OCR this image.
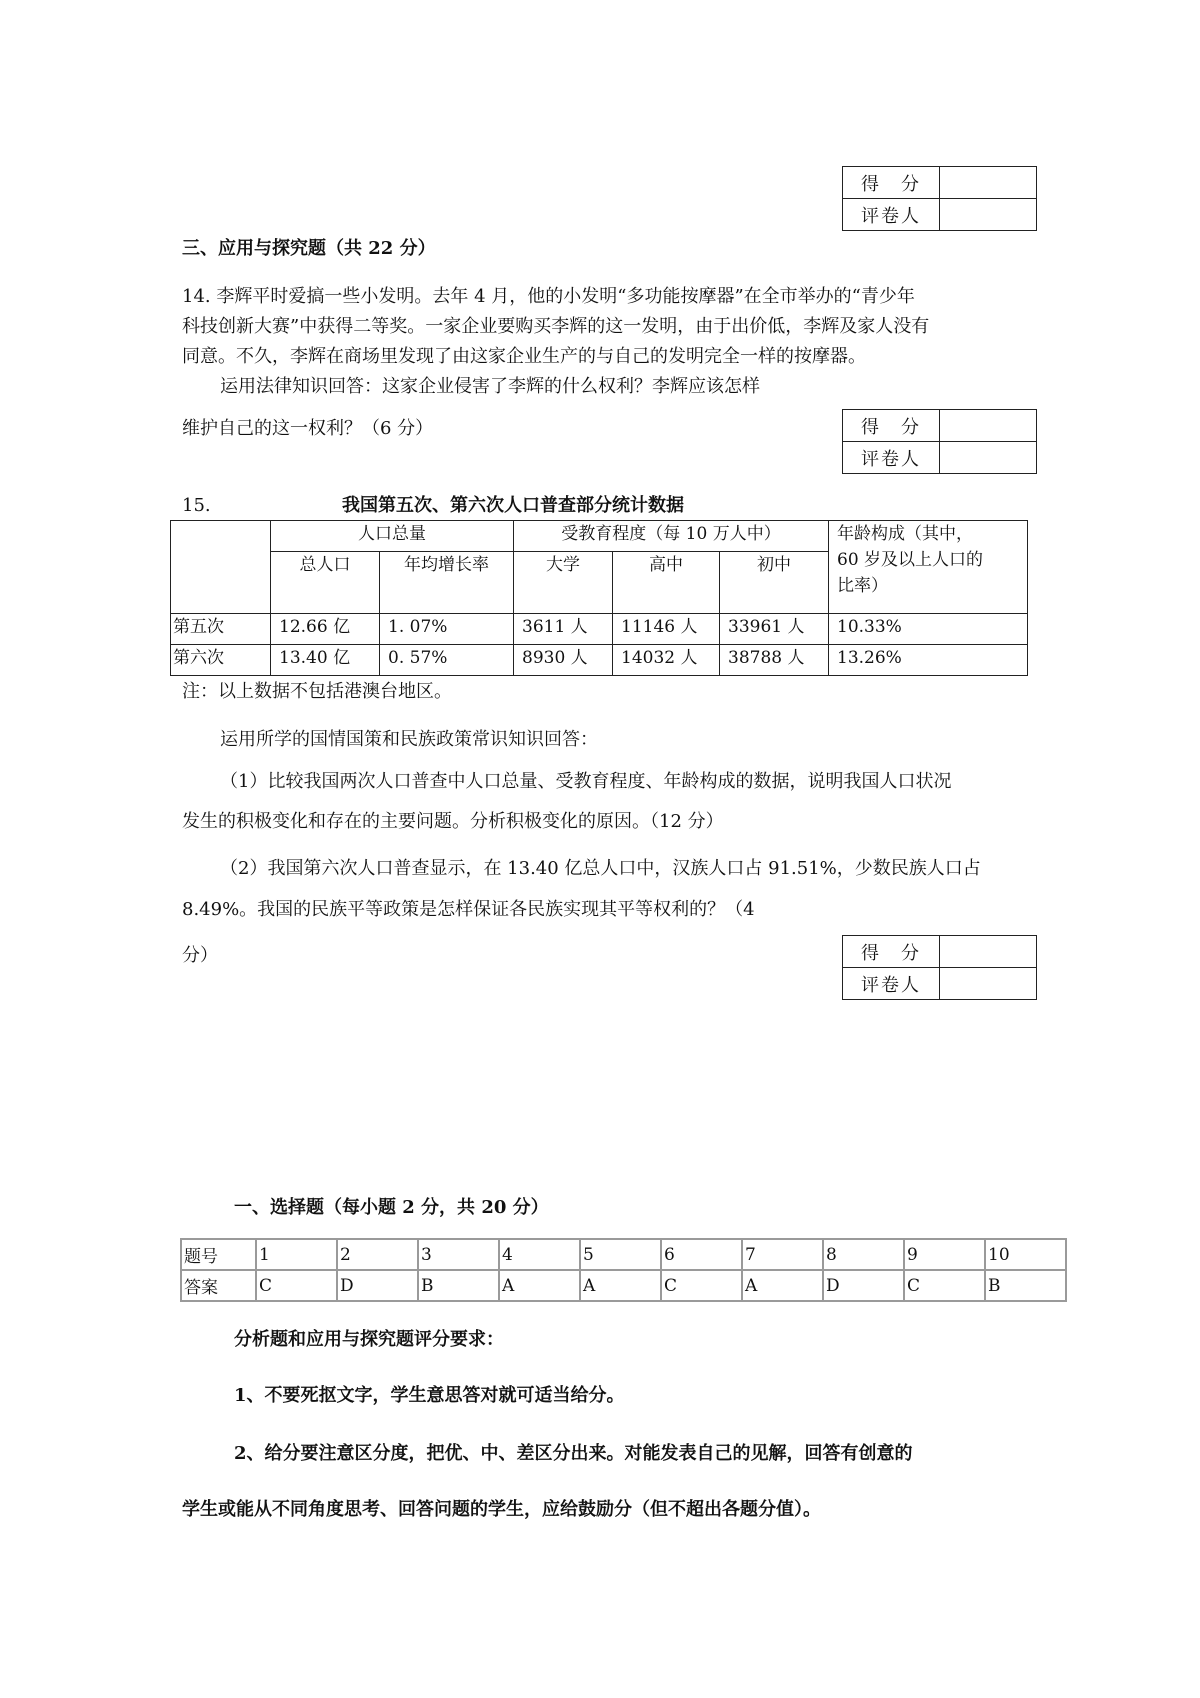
得　分	
评卷人	
三、应用与探究题（共 22 分）
14. 李辉平时爱搞一些小发明。去年 4 月，他的小发明“多功能按摩器”在全市举办的“青少年
科技创新大赛”中获得二等奖。一家企业要购买李辉的这一发明，由于出价低，李辉及家人没有
同意。不久，李辉在商场里发现了由这家企业生产的与自己的发明完全一样的按摩器。
运用法律知识回答：这家企业侵害了李辉的什么权利？李辉应该怎样
维护自己的这一权利？（6 分）	得　分	
评卷人	
15.	我国第五次、第六次人口普查部分统计数据
	人口总量		受教育程度（每 10 万人中）			年龄构成（其中，
60 岁及以上人口的
比率）

	总人口	年均增长率	大学	高中	初中	
第五次	12.66 亿	1. 07%	3611 人	11146 人	33961 人	10.33%
第六次	13.40 亿	0. 57%	8930 人	14032 人	38788 人	13.26%
注：以上数据不包括港澳台地区。
运用所学的国情国策和民族政策常识知识回答：
（1）比较我国两次人口普查中人口总量、受教育程度、年龄构成的数据，说明我国人口状况
发生的积极变化和存在的主要问题。分析积极变化的原因。（12 分）
（2）我国第六次人口普查显示，在 13.40 亿总人口中，汉族人口占 91.51%，少数民族人口占
8.49%。我国的民族平等政策是怎样保证各民族实现其平等权利的？（4
分）	得　分	
评卷人	
一、选择题（每小题 2 分，共 20 分）
题号	1	2	3	4	5	6	7	8	9	10
答案	C	D	B	A	A	C	A	D	C	B
分析题和应用与探究题评分要求：
1、不要死抠文字，学生意思答对就可适当给分。
2、给分要注意区分度，把优、中、差区分出来。对能发表自己的见解，回答有创意的
学生或能从不同角度思考、回答问题的学生，应给鼓励分（但不超出各题分值）。
